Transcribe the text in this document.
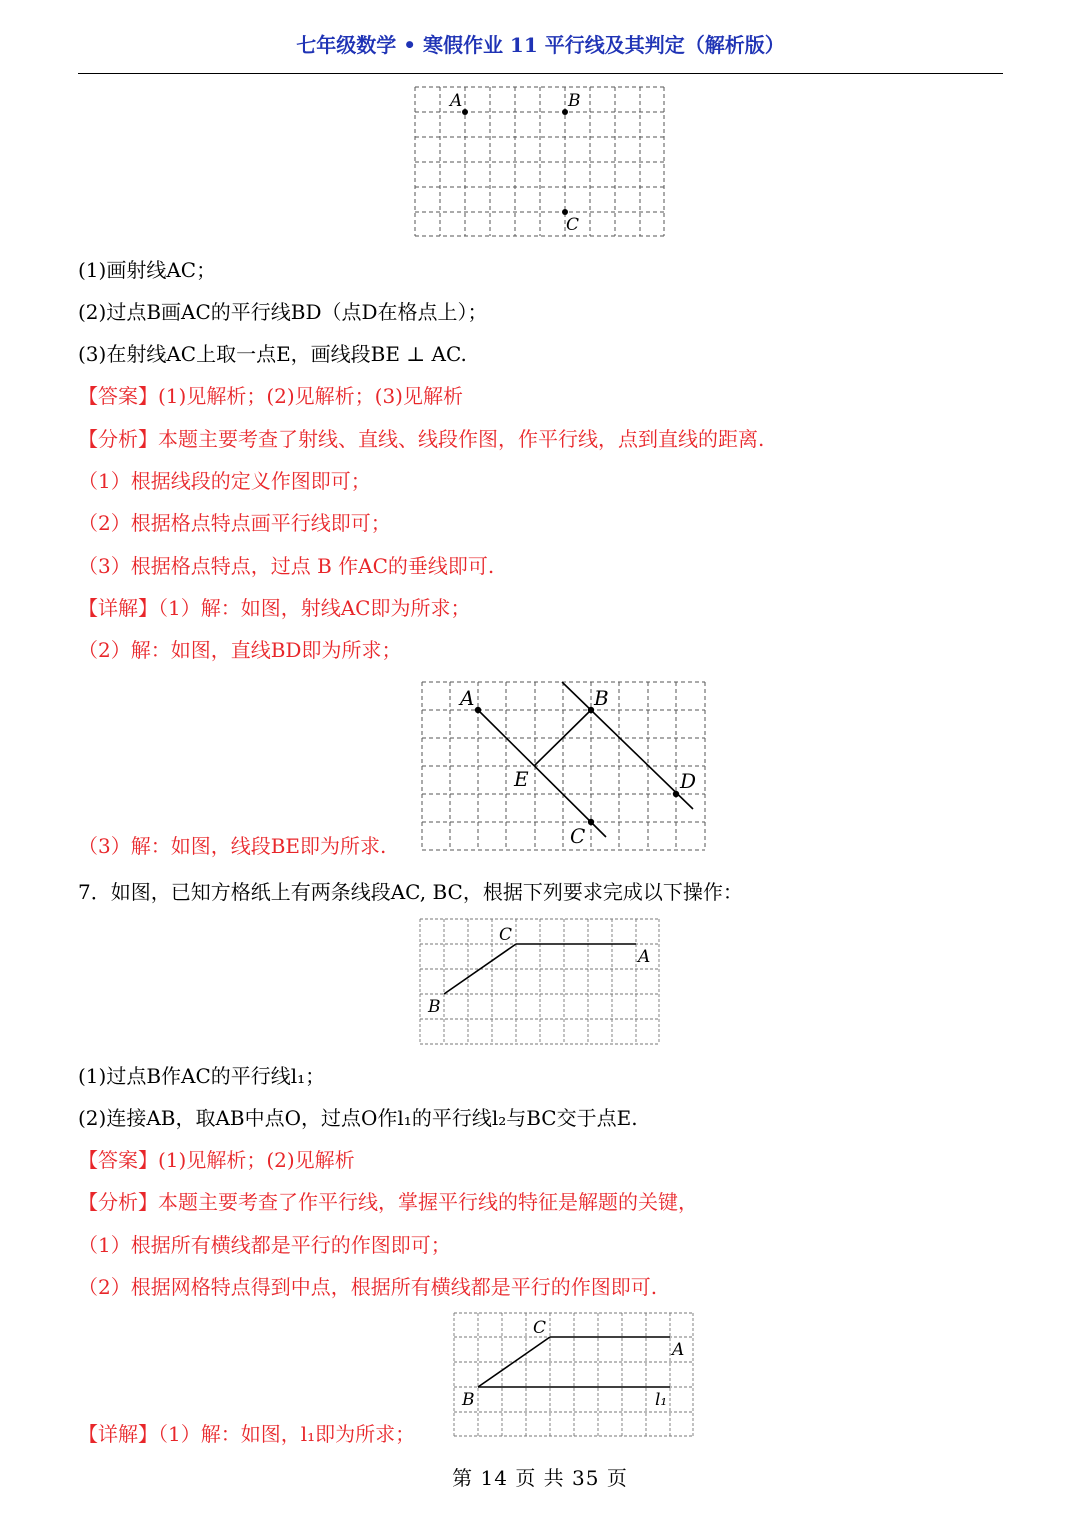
七年级数学 • 寒假作业 11 平行线及其判定（解析版）
A	B
C
(1)画射线AC；
(2)过点B画AC的平行线BD（点D在格点上）；
(3)在射线AC上取一点E，画线段BE ⊥ AC.
【答案】(1)见解析；(2)见解析；(3)见解析
【分析】本题主要考查了射线、直线、线段作图，作平行线，点到直线的距离.
（1）根据线段的定义作图即可；
（2）根据格点特点画平行线即可；
（3）根据格点特点，过点 B 作AC的垂线即可.
【详解】（1）解：如图，射线AC即为所求；
（2）解：如图，直线BD即为所求；
A	B
C
D
E
（3）解：如图，线段BE即为所求.
7．如图，已知方格纸上有两条线段AC, BC，根据下列要求完成以下操作：
C
A
B
(1)过点B作AC的平行线l₁；
(2)连接AB，取AB中点O，过点O作l₁的平行线l₂与BC交于点E.
【答案】(1)见解析；(2)见解析
【分析】本题主要考查了作平行线，掌握平行线的特征是解题的关键，
（1）根据所有横线都是平行的作图即可；
（2）根据网格特点得到中点，根据所有横线都是平行的作图即可.
C
A
B	l₁
【详解】（1）解：如图，l₁即为所求；
第 14 页 共 35 页
